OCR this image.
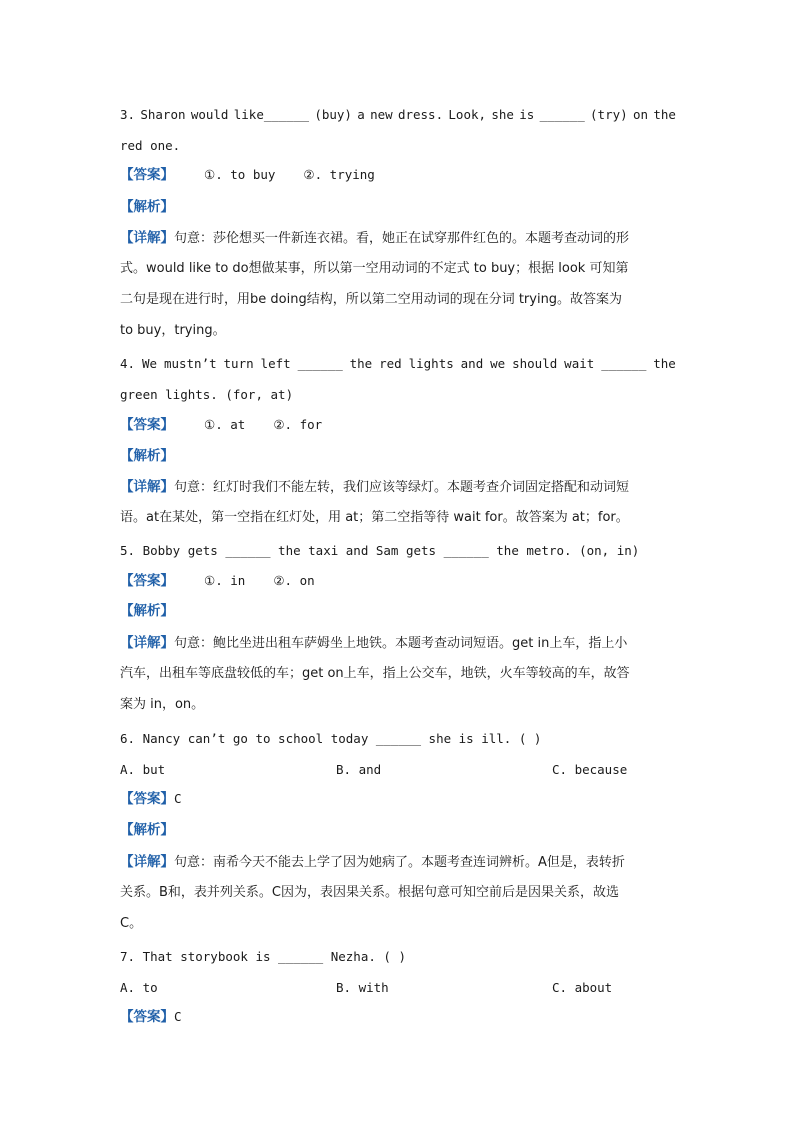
3. Sharon would like______ (buy) a new dress. Look, she is ______ (try) on the
red one.
【答案】 ①. to buy ②. trying
【解析】
【详解】句意：莎伦想买一件新连衣裙。看，她正在试穿那件红色的。本题考查动词的形
式。would like to do想做某事，所以第一空用动词的不定式 to buy；根据 look 可知第
二句是现在进行时，用be doing结构，所以第二空用动词的现在分词 trying。故答案为
to buy，trying。
4. We mustn’t turn left ______ the red lights and we should wait ______ the
green lights. (for, at)
【答案】 ①. at ②. for
【解析】
【详解】句意：红灯时我们不能左转，我们应该等绿灯。本题考查介词固定搭配和动词短
语。at在某处，第一空指在红灯处，用 at；第二空指等待 wait for。故答案为 at；for。
5. Bobby gets ______ the taxi and Sam gets ______ the metro. (on, in)
【答案】 ①. in ②. on
【解析】
【详解】句意：鲍比坐进出租车萨姆坐上地铁。本题考查动词短语。get in上车，指上小
汽车，出租车等底盘较低的车；get on上车，指上公交车，地铁，火车等较高的车，故答
案为 in，on。
6. Nancy can’t go to school today ______ she is ill. ( )
A. but	B. and	C. because
【答案】C
【解析】
【详解】句意：南希今天不能去上学了因为她病了。本题考查连词辨析。A但是，表转折
关系。B和，表并列关系。C因为，表因果关系。根据句意可知空前后是因果关系，故选
C。
7. That storybook is ______ Nezha. ( )
A. to	B. with	C. about
【答案】C
